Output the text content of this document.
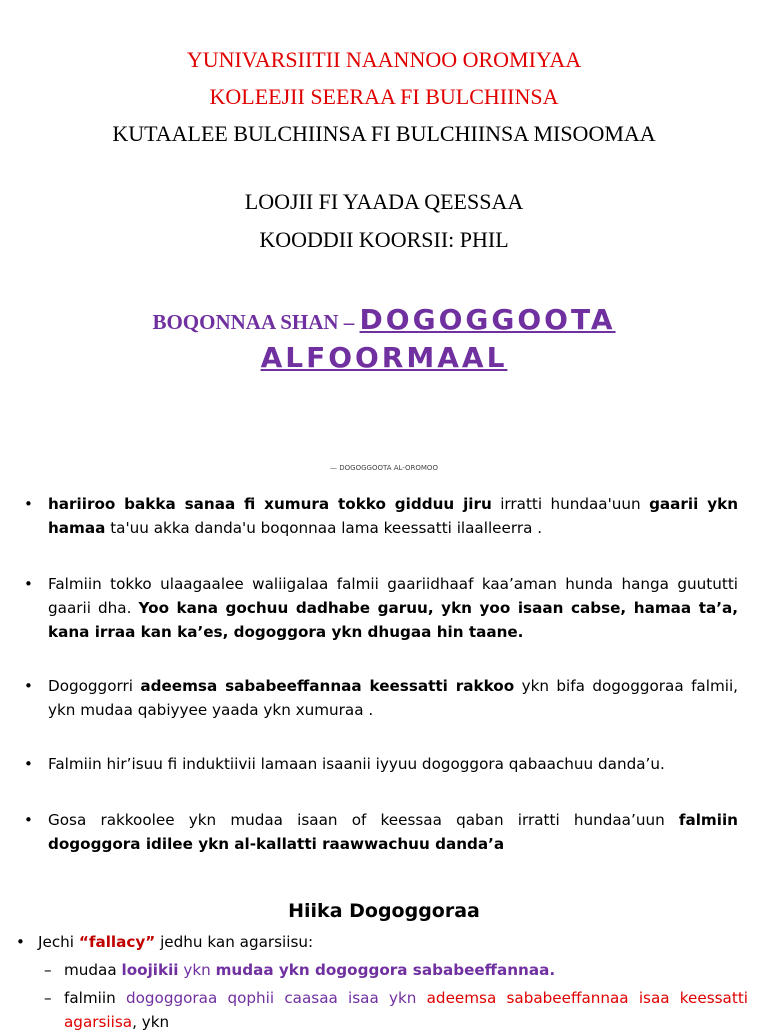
YUNIVARSIITII NAANNOO OROMIYAA
KOLEEJII SEERAA FI BULCHIINSA
KUTAALEE BULCHIINSA FI BULCHIINSA MISOOMAA
LOOJII FI YAADA QEESSAA
KOODDII KOORSII: PHIL
BOQONNAA SHAN – DOGOGGOOTA
ALFOORMAAL
— DOGOGGOOTA AL-OROMOO
• hariiroo bakka sanaa fi xumura tokko gidduu jiru irratti hundaa'uun gaarii ykn hamaa ta'uu akka danda'u boqonnaa lama keessatti ilaalleerra .
• Falmiin tokko ulaagaalee waliigalaa falmii gaariidhaaf kaa’aman hunda hanga guututti gaarii dha. Yoo kana gochuu dadhabe garuu, ykn yoo isaan cabse, hamaa ta’a, kana irraa kan ka’es, dogoggora ykn dhugaa hin taane.
• Dogoggorri adeemsa sababeeffannaa keessatti rakkoo ykn bifa dogoggoraa falmii, ykn mudaa qabiyyee yaada ykn xumuraa .
• Falmiin hir’isuu fi induktiivii lamaan isaanii iyyuu dogoggora qabaachuu danda’u.
• Gosa rakkoolee ykn mudaa isaan of keessaa qaban irratti hundaa’uun falmiin dogoggora idilee ykn al-kallatti raawwachuu danda’a
Hiika Dogoggoraa
• Jechi “fallacy” jedhu kan agarsiisu:
– mudaa loojikii ykn mudaa ykn dogoggora sababeeffannaa.
– falmiin dogoggoraa qophii caasaa isaa ykn adeemsa sababeeffannaa isaa keessatti agarsiisa, ykn
